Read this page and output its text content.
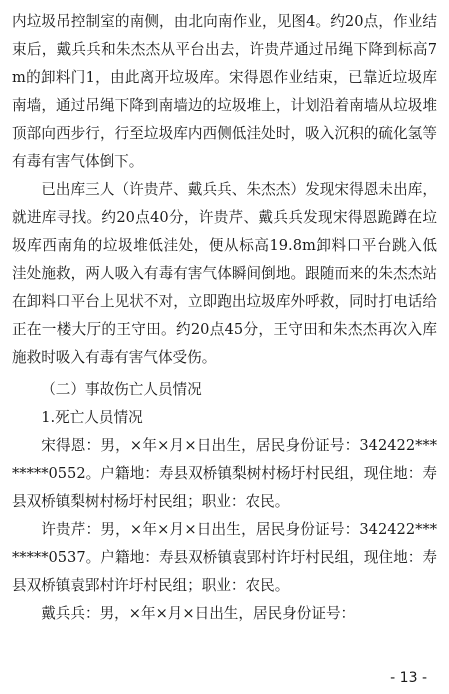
内垃圾吊控制室的南侧，由北向南作业，见图4。约20点，作业结束后，戴兵兵和朱杰杰从平台出去，许贵芹通过吊绳下降到标高7m的卸料门1，由此离开垃圾库。宋得恩作业结束，已靠近垃圾库南墙，通过吊绳下降到南墙边的垃圾堆上，计划沿着南墙从垃圾堆顶部向西步行，行至垃圾库内西侧低洼处时，吸入沉积的硫化氢等有毒有害气体倒下。

已出库三人（许贵芹、戴兵兵、朱杰杰）发现宋得恩未出库，就进库寻找。约20点40分，许贵芹、戴兵兵发现宋得恩跪蹲在垃圾库西南角的垃圾堆低洼处，便从标高19.8m卸料口平台跳入低洼处施救，两人吸入有毒有害气体瞬间倒地。跟随而来的朱杰杰站在卸料口平台上见状不对，立即跑出垃圾库外呼救，同时打电话给正在一楼大厅的王守田。约20点45分，王守田和朱杰杰再次入库施救时吸入有毒有害气体受伤。

（二）事故伤亡人员情况

1.死亡人员情况

宋得恩：男，×年×月×日出生，居民身份证号：342422********0552。户籍地：寿县双桥镇梨树村杨圩村民组，现住地：寿县双桥镇梨树村杨圩村民组；职业：农民。

许贵芹：男，×年×月×日出生，居民身份证号：342422********0537。户籍地：寿县双桥镇袁郢村许圩村民组，现住地：寿县双桥镇袁郢村许圩村民组；职业：农民。

戴兵兵：男，×年×月×日出生，居民身份证号：

- 13 -
